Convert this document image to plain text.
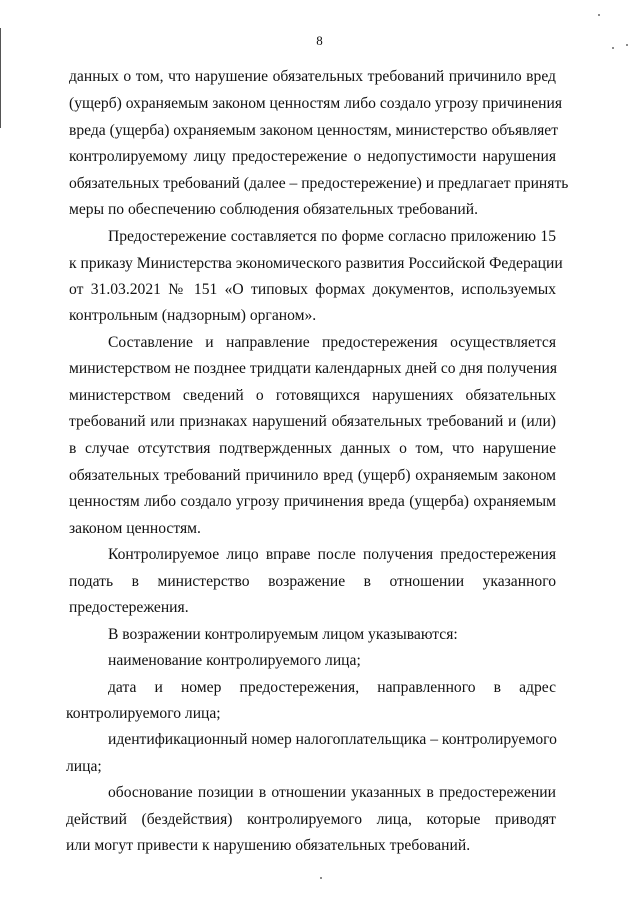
8
данных о том, что нарушение обязательных требований причинило вред
(ущерб) охраняемым законом ценностям либо создало угрозу причинения
вреда (ущерба) охраняемым законом ценностям, министерство объявляет
контролируемому лицу предостережение о недопустимости нарушения
обязательных требований (далее – предостережение) и предлагает принять
меры по обеспечению соблюдения обязательных требований.
Предостережение составляется по форме согласно приложению 15
к приказу Министерства экономического развития Российской Федерации
от 31.03.2021 № 151 «О типовых формах документов, используемых
контрольным (надзорным) органом».
Составление и направление предостережения осуществляется
министерством не позднее тридцати календарных дней со дня получения
министерством сведений о готовящихся нарушениях обязательных
требований или признаках нарушений обязательных требований и (или)
в случае отсутствия подтвержденных данных о том, что нарушение
обязательных требований причинило вред (ущерб) охраняемым законом
ценностям либо создало угрозу причинения вреда (ущерба) охраняемым
законом ценностям.
Контролируемое лицо вправе после получения предостережения
подать в министерство возражение в отношении указанного
предостережения.
В возражении контролируемым лицом указываются:
наименование контролируемого лица;
дата и номер предостережения, направленного в адрес
контролируемого лица;
идентификационный номер налогоплательщика – контролируемого
лица;
обоснование позиции в отношении указанных в предостережении
действий (бездействия) контролируемого лица, которые приводят
или могут привести к нарушению обязательных требований.
